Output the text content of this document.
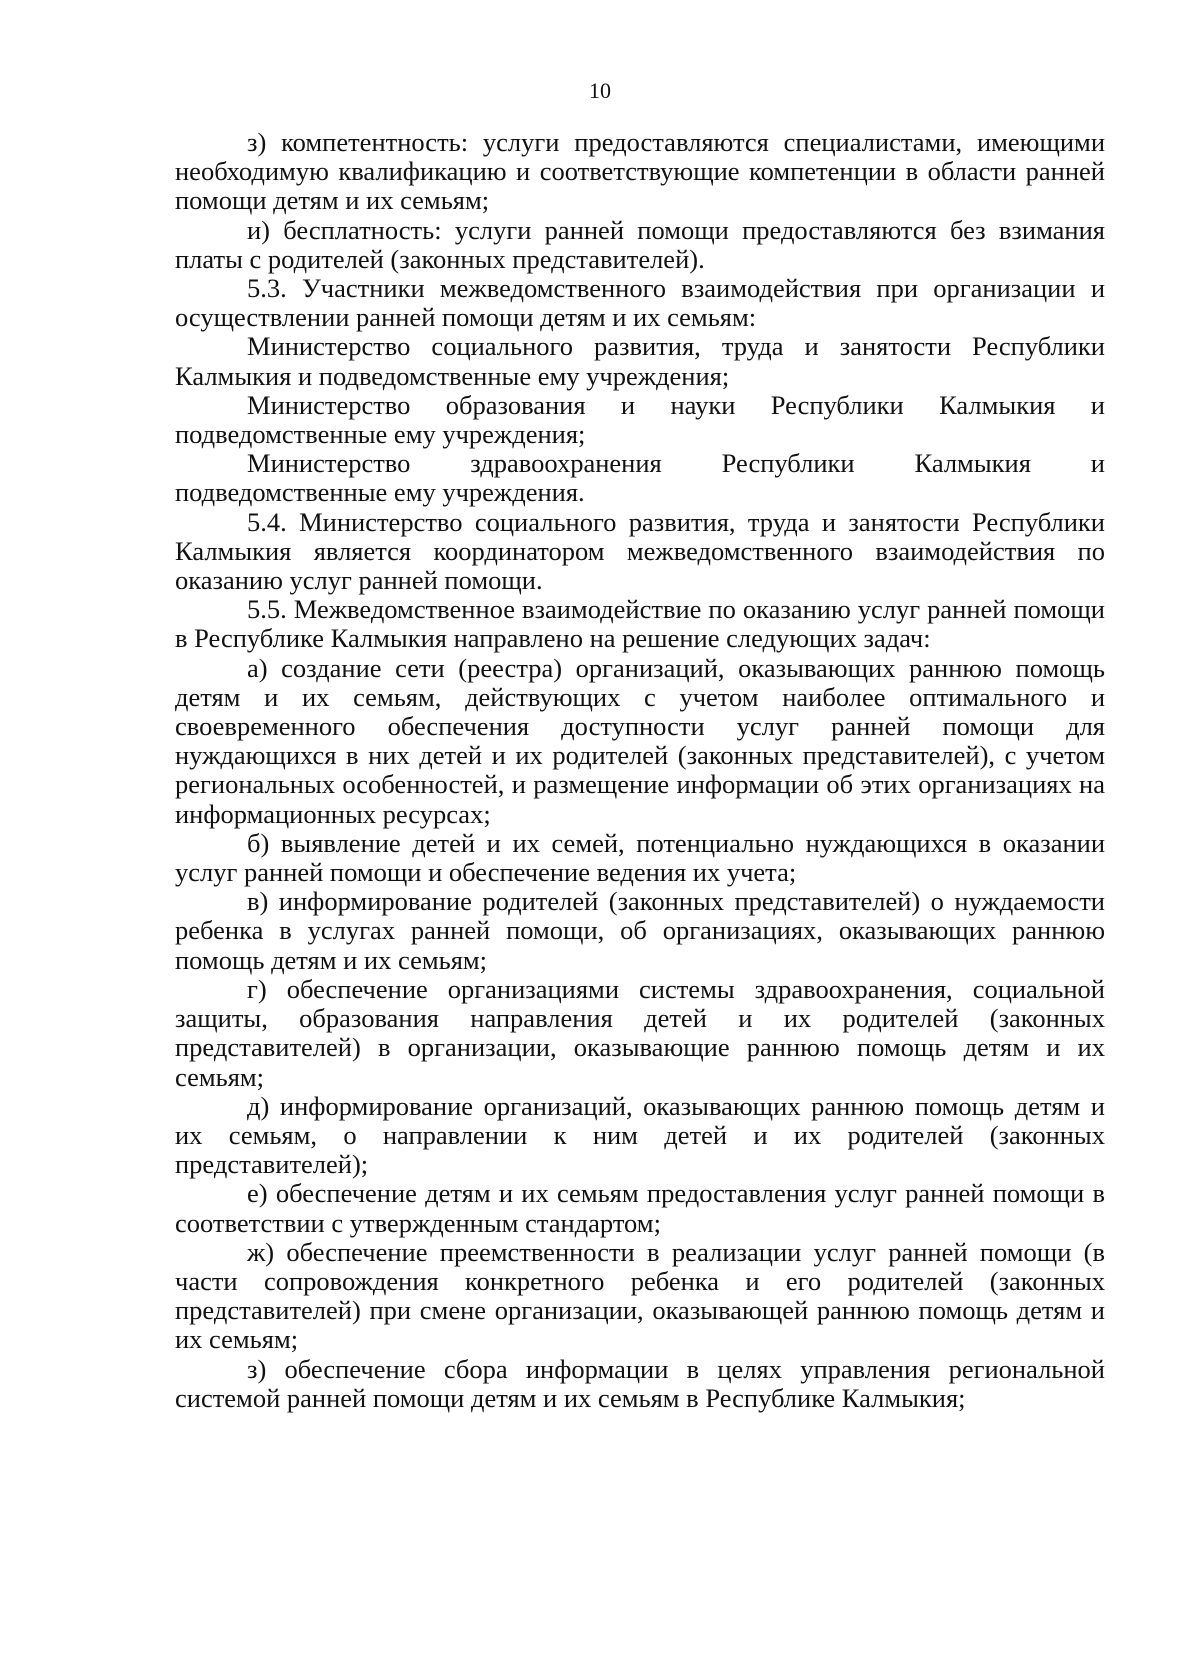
10

з) компетентность: услуги предоставляются специалистами, имеющими необходимую квалификацию и соответствующие компетенции в области ранней помощи детям и их семьям;

и) бесплатность: услуги ранней помощи предоставляются без взимания платы с родителей (законных представителей).

5.3. Участники межведомственного взаимодействия при организации и осуществлении ранней помощи детям и их семьям:

Министерство социального развития, труда и занятости Республики Калмыкия и подведомственные ему учреждения;

Министерство образования и науки Республики Калмыкия и подведомственные ему учреждения;

Министерство здравоохранения Республики Калмыкия и подведомственные ему учреждения.

5.4. Министерство социального развития, труда и занятости Республики Калмыкия является координатором межведомственного взаимодействия по оказанию услуг ранней помощи.

5.5. Межведомственное взаимодействие по оказанию услуг ранней помощи в Республике Калмыкия направлено на решение следующих задач:

а) создание сети (реестра) организаций, оказывающих раннюю помощь детям и их семьям, действующих с учетом наиболее оптимального и своевременного обеспечения доступности услуг ранней помощи для нуждающихся в них детей и их родителей (законных представителей), с учетом региональных особенностей, и размещение информации об этих организациях на информационных ресурсах;

б) выявление детей и их семей, потенциально нуждающихся в оказании услуг ранней помощи и обеспечение ведения их учета;

в) информирование родителей (законных представителей) о нуждаемости ребенка в услугах ранней помощи, об организациях, оказывающих раннюю помощь детям и их семьям;

г) обеспечение организациями системы здравоохранения, социальной защиты, образования направления детей и их родителей (законных представителей) в организации, оказывающие раннюю помощь детям и их семьям;

д) информирование организаций, оказывающих раннюю помощь детям и их семьям, о направлении к ним детей и их родителей (законных представителей);

е) обеспечение детям и их семьям предоставления услуг ранней помощи в соответствии с утвержденным стандартом;

ж) обеспечение преемственности в реализации услуг ранней помощи (в части сопровождения конкретного ребенка и его родителей (законных представителей) при смене организации, оказывающей раннюю помощь детям и их семьям;

з) обеспечение сбора информации в целях управления региональной системой ранней помощи детям и их семьям в Республике Калмыкия;
